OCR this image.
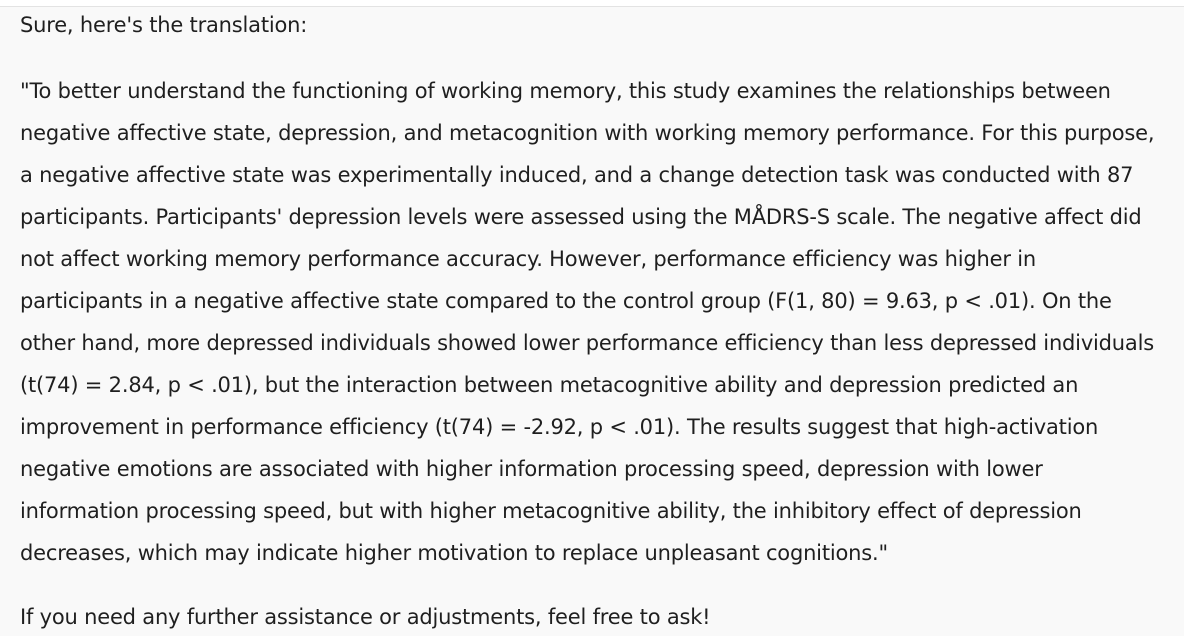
Sure, here's the translation:

"To better understand the functioning of working memory, this study examines the relationships between
negative affective state, depression, and metacognition with working memory performance. For this purpose,
a negative affective state was experimentally induced, and a change detection task was conducted with 87
participants. Participants' depression levels were assessed using the MÅDRS-S scale. The negative affect did
not affect working memory performance accuracy. However, performance efficiency was higher in
participants in a negative affective state compared to the control group (F(1, 80) = 9.63, p < .01). On the
other hand, more depressed individuals showed lower performance efficiency than less depressed individuals
(t(74) = 2.84, p < .01), but the interaction between metacognitive ability and depression predicted an
improvement in performance efficiency (t(74) = -2.92, p < .01). The results suggest that high-activation
negative emotions are associated with higher information processing speed, depression with lower
information processing speed, but with higher metacognitive ability, the inhibitory effect of depression
decreases, which may indicate higher motivation to replace unpleasant cognitions."

If you need any further assistance or adjustments, feel free to ask!
